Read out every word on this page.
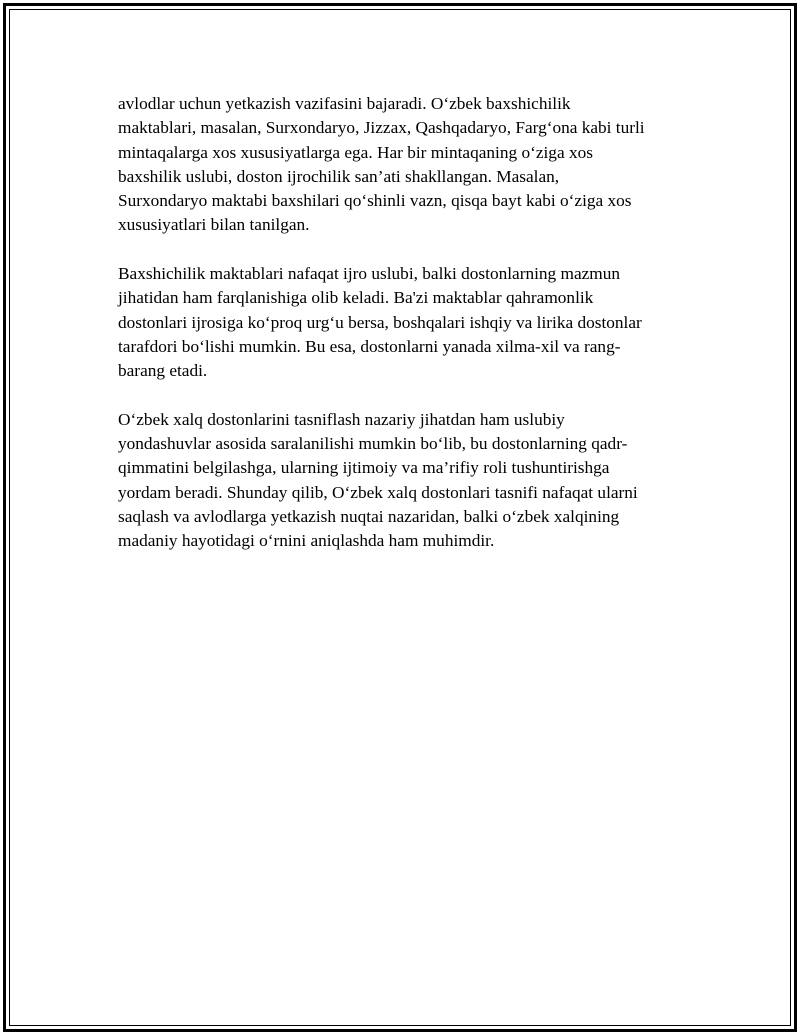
avlodlar uchun yetkazish vazifasini bajaradi. O‘zbek baxshichilik
maktablari, masalan, Surxondaryo, Jizzax, Qashqadaryo, Farg‘ona kabi turli
mintaqalarga xos xususiyatlarga ega. Har bir mintaqaning o‘ziga xos
baxshilik uslubi, doston ijrochilik san’ati shakllangan. Masalan,
Surxondaryo maktabi baxshilari qo‘shinli vazn, qisqa bayt kabi o‘ziga xos
xususiyatlari bilan tanilgan.

Baxshichilik maktablari nafaqat ijro uslubi, balki dostonlarning mazmun
jihatidan ham farqlanishiga olib keladi. Ba'zi maktablar qahramonlik
dostonlari ijrosiga ko‘proq urg‘u bersa, boshqalari ishqiy va lirika dostonlar
tarafdori bo‘lishi mumkin. Bu esa, dostonlarni yanada xilma-xil va rang-
barang etadi.

O‘zbek xalq dostonlarini tasniflash nazariy jihatdan ham uslubiy
yondashuvlar asosida saralanilishi mumkin bo‘lib, bu dostonlarning qadr-
qimmatini belgilashga, ularning ijtimoiy va ma’rifiy roli tushuntirishga
yordam beradi. Shunday qilib, O‘zbek xalq dostonlari tasnifi nafaqat ularni
saqlash va avlodlarga yetkazish nuqtai nazaridan, balki o‘zbek xalqining
madaniy hayotidagi o‘rnini aniqlashda ham muhimdir.
